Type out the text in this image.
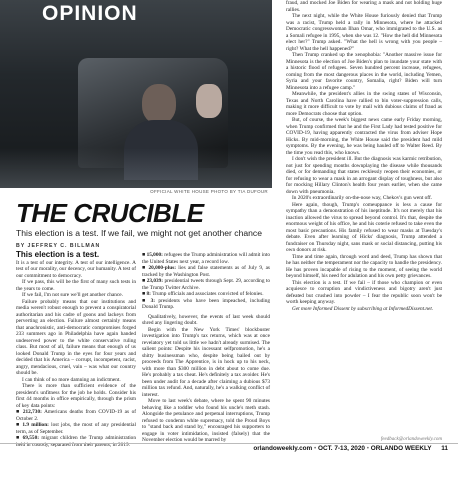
OPINION
OFFICIAL WHITE HOUSE PHOTO BY TIA DUFOUR
THE CRUCIBLE
This election is a test. If we fail, we might not get another chance
BY JEFFREY C. BILLMAN
This election is a test.

It is a test of our integrity. A test of our intelligence. A test of our morality, our decency, our humanity. A test of our commitment to democracy.

If we pass, this will be the first of many such tests in the years to come.

If we fail, I'm not sure we'll get another chance.

Failure probably means that our institutions and media weren't robust enough to prevent a conspiratorial authoritarian and his cadre of goons and lackeys from perverting an election. Failure almost certainly means that anachronistic, anti-democratic compromises forged 233 summers ago in Philadelphia have again handed undeserved power to the white conservative ruling class. But most of all, failure means that enough of us looked Donald Trump in the eyes for four years and decided that his America – corrupt, incompetent, racist, angry, mendacious, cruel, vain – was what our country should be.

I can think of no more damning an indictment.

There is more than sufficient evidence of the president's unfitness for the job he holds. Consider his first 44 months in office empirically, through the prism of key data points:

■ 212,730: Americans deaths from COVID-19 as of October 2.

■ 1.9 million: lost jobs, the most of any presidential term, as of September.

■ 69,550: migrant children the Trump administration held in custody, separated from their parents, in 2019.

■ 15,000: refugees the Trump administration will admit into the United States next year, a record low.

■ 20,000-plus: lies and false statements as of July 9, as tracked by the Washington Post.

■ 23,039: presidential tweets through Sept. 29, according to the Trump Twitter Archive.

■ 8: Trump officials and associates convicted of felonies.

■ 3: presidents who have been impeached, including Donald Trump.

Qualitatively, however, the events of last week should shred any lingering doubt.

Begin with the New York Times' blockbuster investigation into Trump's tax returns, which was at once revelatory yet told us little we hadn't already surmised. The salient points: Despite his incessant selfpromotion, he's a shitty businessman who, despite being bailed out by proceeds from The Apprentice, is in hock up to his neck, with more than $300 million in debt about to come due. He's probably a tax cheat. He's definitely a tax avoider. He's been under audit for a decade after claiming a dubious $73 million tax refund. And, naturally, he's a walking conflict of interest.

Move to last week's debate, where he spent 90 minutes behaving like a toddler who found his uncle's meth stash. Alongside the petulance and perpetual interruptions, Trump refused to condemn white supremacy, told the Proud Boys to "stand back and stand by," encouraged his supporters to engage in voter intimidation, insisted (falsely) that the November election would be marred by

fraud, and mocked Joe Biden for wearing a mask and not holding huge rallies.

The next night, while the White House furiously denied that Trump was a racist, Trump held a rally in Minnesota, where he attacked Democratic congresswoman Ilhan Omar, who immigrated to the U.S. as a Somali refugee in 1995, when she was 12. "How the hell did Minnesota elect her?" Trump asked. "What the hell is wrong with you people – right? What the hell happened?"

Then Trump cranked up the xenophobia: "Another massive issue for Minnesota is the election of Joe Biden's plan to inundate your state with a historic flood of refugees. Seven hundred percent increase, refugees, coming from the most dangerous places in the world, including Yemen, Syria and your favorite country, Somalia, right? Biden will turn Minnesota into a refugee camp."

Meanwhile, the president's allies in the swing states of Wisconsin, Texas and North Carolina have rallied to bin voter-suppression calls, making it more difficult to vote by mail with dubious claims of fraud as more Democrats choose that option.

But, of course, the week's biggest news came early Friday morning, when Trump confirmed that he and the First Lady had tested positive for COVID-19, having apparently contracted the virus from adviser Hope Hicks. By mid-morning, the White House said the president had mild symptoms. By the evening, he was being hauled off to Walter Reed. By the time you read this, who knows.

I don't wish the president ill. But the diagnosis was karmic retribution, not just for spending months downplaying the disease while thousands died, or for demanding that states recklessly reopen their economies, or for refusing to wear a mask in an arrogant display of toughness, but also for mocking Hillary Clinton's health four years earlier, when she came down with pneumonia.

In 2020's extraordinarily on-the-nose way, Chekov's gun went off.

Here again, though, Trump's comeuppance is less a cause for sympathy than a demonstration of his ineptitude. It's not merely that his inaction allowed the virus to spread beyond control. It's that, despite the enormous weight of his office, he and his coterie refused to take even the most basic precautions. His family refused to wear masks at Tuesday's debate. Even after learning of Hicks' diagnosis, Trump attended a fundraiser on Thursday night, sans mask or social distancing, putting his own donors at risk.

Time and time again, through word and deed, Trump has shown that he has neither the temperament nor the capacity to handle the presidency. He has proven incapable of rising to the moment, of seeing the world beyond himself, his need for adulation and his own petty grievances.

This election is a test. If we fail – if those who champion or even acquiesce to corruption and vindictiveness and bigotry aren't just defeated but crushed into powder – I fear the republic soon won't be worth keeping anyway.

Get more Informed Dissent by subscribing at InformedDissent.net.

feedback@orlandoweekly.com
orlandoweekly.com • OCT. 7-13, 2020 • ORLANDO WEEKLY 11
